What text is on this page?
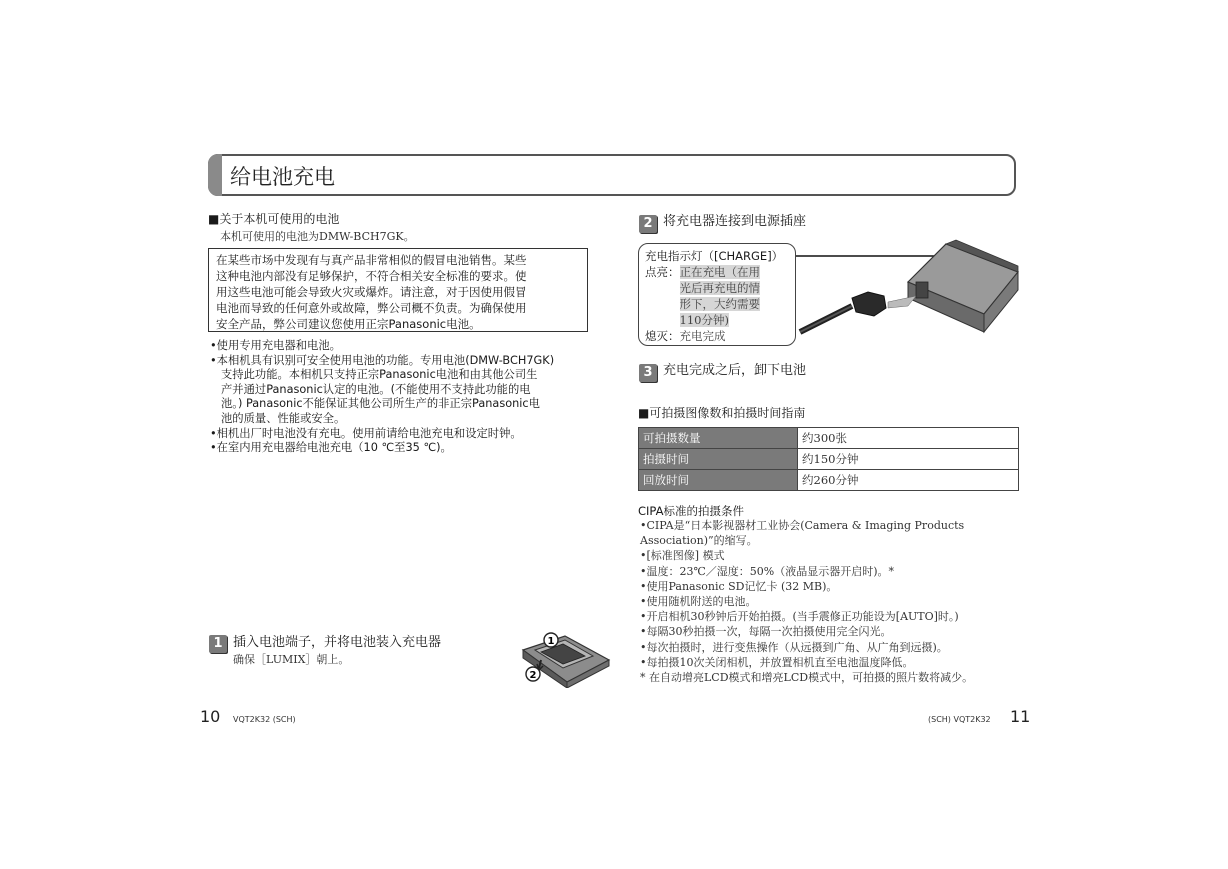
给电池充电
■关于本机可使用的电池
本机可使用的电池为DMW-BCH7GK。
在某些市场中发现有与真产品非常相似的假冒电池销售。某些
这种电池内部没有足够保护，不符合相关安全标准的要求。使
用这些电池可能会导致火灾或爆炸。请注意，对于因使用假冒
电池而导致的任何意外或故障，弊公司概不负责。为确保使用
安全产品，弊公司建议您使用正宗Panasonic电池。
•使用专用充电器和电池。
•本相机具有识别可安全使用电池的功能。专用电池(DMW-BCH7GK)
支持此功能。本相机只支持正宗Panasonic电池和由其他公司生
产并通过Panasonic认定的电池。(不能使用不支持此功能的电
池。) Panasonic不能保证其他公司所生产的非正宗Panasonic电
池的质量、性能或安全。
•相机出厂时电池没有充电。使用前请给电池充电和设定时钟。
•在室内用充电器给电池充电（10 ℃至35 ℃)。
1 插入电池端子，并将电池装入充电器
确保［LUMIX］朝上。
1
2
10 VQT2K32 (SCH)
2 将充电器连接到电源插座
充电指示灯（[CHARGE]）
点亮： 正在充电（在用
光后再充电的情
形下，大约需要
110分钟)
熄灭：充电完成
3 充电完成之后，卸下电池
■可拍摄图像数和拍摄时间指南
可拍摄数量	约300张
拍摄时间	约150分钟
回放时间	约260分钟
CIPA标准的拍摄条件
•CIPA是“日本影视器材工业协会(Camera & Imaging Products
Association)”的缩写。
•[标准图像] 模式
•温度：23℃／湿度：50%（液晶显示器开启时)。*
•使用Panasonic SD记忆卡 (32 MB)。
•使用随机附送的电池。
•开启相机30秒钟后开始拍摄。(当手震修正功能设为[AUTO]时。)
•每隔30秒拍摄一次，每隔一次拍摄使用完全闪光。
•每次拍摄时，进行变焦操作（从远摄到广角、从广角到远摄)。
•每拍摄10次关闭相机，并放置相机直至电池温度降低。
* 在自动增亮LCD模式和增亮LCD模式中，可拍摄的照片数将减少。
(SCH) VQT2K32 11
